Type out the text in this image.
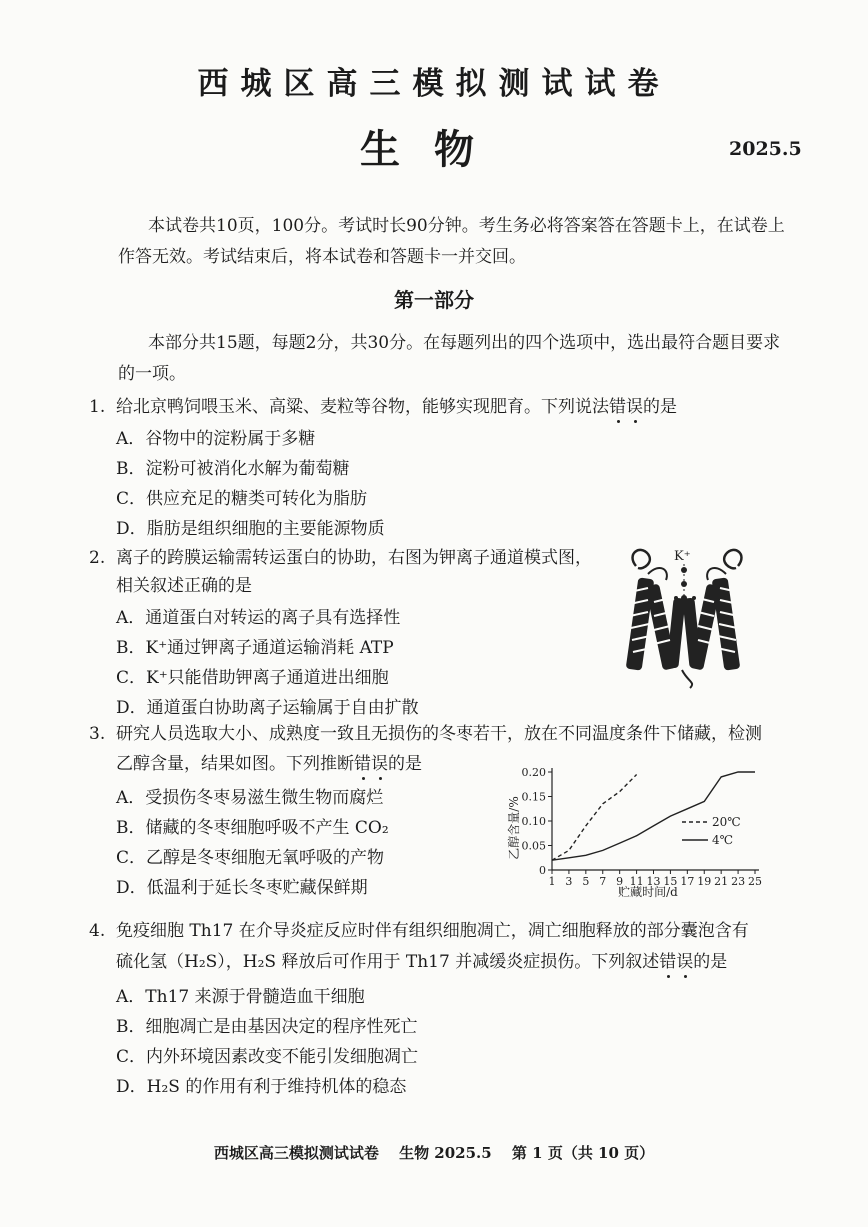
西城区高三模拟测试试卷
生物	2025.5
本试卷共10页，100分。考试时长90分钟。考生务必将答案答在答题卡上，在试卷上作答无效。考试结束后，将本试卷和答题卡一并交回。
第一部分
本部分共15题，每题2分，共30分。在每题列出的四个选项中，选出最符合题目要求的一项。
1. 给北京鸭饲喂玉米、高粱、麦粒等谷物，能够实现肥育。下列说法错误的是
A．谷物中的淀粉属于多糖
B．淀粉可被消化水解为葡萄糖
C．供应充足的糖类可转化为脂肪
D．脂肪是组织细胞的主要能源物质
2. 离子的跨膜运输需转运蛋白的协助，右图为钾离子通道模式图，
相关叙述正确的是
A．通道蛋白对转运的离子具有选择性
B．K⁺通过钾离子通道运输消耗 ATP
C．K⁺只能借助钾离子通道进出细胞
D．通道蛋白协助离子运输属于自由扩散
K⁺
3. 研究人员选取大小、成熟度一致且无损伤的冬枣若干，放在不同温度条件下储藏，检测
乙醇含量，结果如图。下列推断错误的是
A．受损伤冬枣易滋生微生物而腐烂
B．储藏的冬枣细胞呼吸不产生 CO₂
C．乙醇是冬枣细胞无氧呼吸的产物
D．低温利于延长冬枣贮藏保鲜期
乙醇含量/%
贮藏时间/d
1 3 5 7 9 11 13 15 17 19 21 23 25
0
0.05
0.10
0.15
0.20
20℃
4℃
4. 免疫细胞 Th17 在介导炎症反应时伴有组织细胞凋亡，凋亡细胞释放的部分囊泡含有
硫化氢（H₂S），H₂S 释放后可作用于 Th17 并减缓炎症损伤。下列叙述错误的是
A．Th17 来源于骨髓造血干细胞
B．细胞凋亡是由基因决定的程序性死亡
C．内外环境因素改变不能引发细胞凋亡
D．H₂S 的作用有利于维持机体的稳态
西城区高三模拟测试试卷　 生物 2025.5　 第 1 页（共 10 页）
